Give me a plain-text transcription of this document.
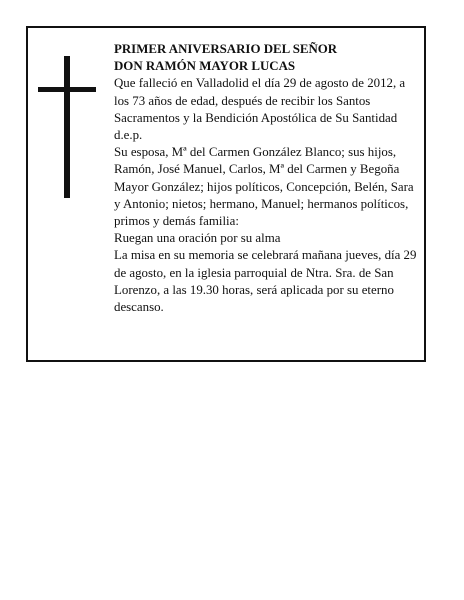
PRIMER ANIVERSARIO DEL SEÑOR

DON RAMÓN MAYOR LUCAS

Que falleció en Valladolid el día 29 de agosto de 2012, a los 73 años de edad, después de recibir los Santos Sacramentos y la Bendición Apostólica de Su Santidad d.e.p.

Su esposa, Mª del Carmen González Blanco; sus hijos, Ramón, José Manuel, Carlos, Mª del Carmen y Begoña Mayor González; hijos políticos, Concepción, Belén, Sara y Antonio; nietos; hermano, Manuel; hermanos políticos, primos y demás familia:

Ruegan una oración por su alma

La misa en su memoria se celebrará mañana jueves, día 29 de agosto, en la iglesia parroquial de Ntra. Sra. de San Lorenzo, a las 19.30 horas, será aplicada por su eterno descanso.
